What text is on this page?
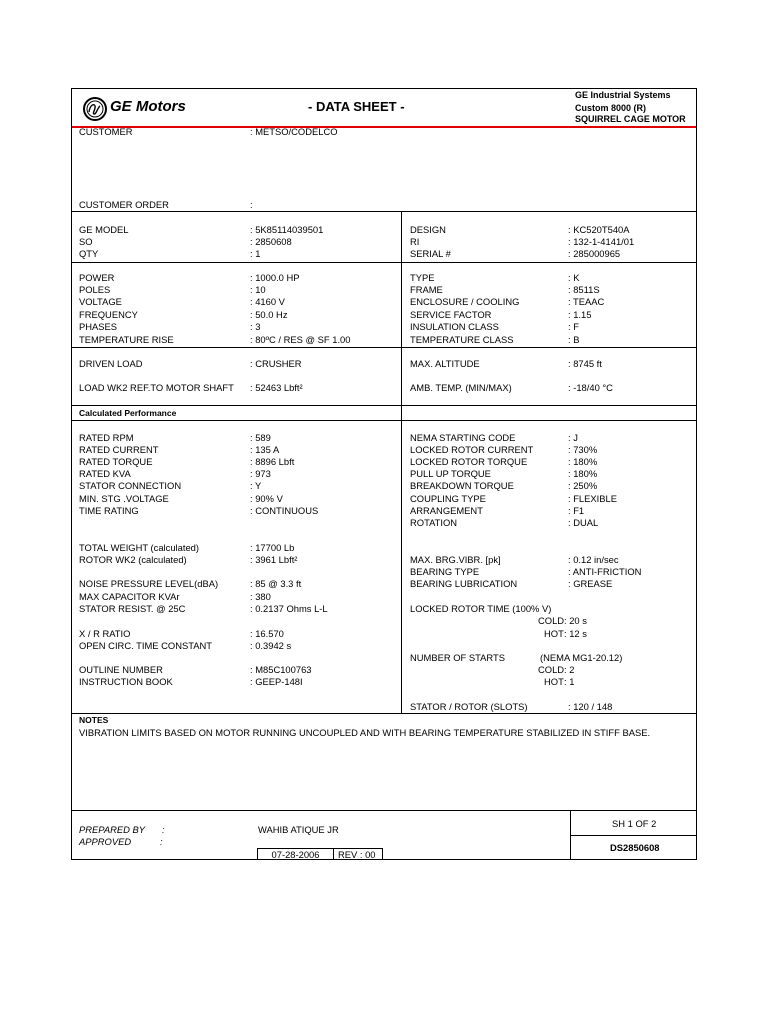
GE Motors	- DATA SHEET -
GE Industrial Systems
Custom 8000 (R)
SQUIRREL CAGE MOTOR
CUSTOMER	: METSO/CODELCO
CUSTOMER ORDER	:
GE MODEL	: 5K85114039501
SO	: 2850608
QTY	: 1
DESIGN	: KC520T540A
RI	: 132-1-4141/01
SERIAL #	: 285000965
POWER	: 1000.0 HP
POLES	: 10
VOLTAGE	: 4160 V
FREQUENCY	: 50.0 Hz
PHASES	: 3
TEMPERATURE RISE	: 80ºC / RES @ SF 1.00
TYPE	: K
FRAME	: 8511S
ENCLOSURE / COOLING	: TEAAC
SERVICE FACTOR	: 1.15
INSULATION CLASS	: F
TEMPERATURE CLASS	: B
DRIVEN LOAD	: CRUSHER
LOAD WK2 REF.TO MOTOR SHAFT : 52463 Lbft²
MAX. ALTITUDE	: 8745 ft
AMB. TEMP. (MIN/MAX)	: -18/40 °C
Calculated Performance
RATED RPM	: 589
RATED CURRENT	: 135 A
RATED TORQUE	: 8896 Lbft
RATED KVA	: 973
STATOR CONNECTION	: Y
MIN. STG .VOLTAGE	: 90% V
TIME RATING	: CONTINUOUS
TOTAL WEIGHT (calculated)	: 17700 Lb
ROTOR WK2 (calculated)	: 3961 Lbft²
NOISE PRESSURE LEVEL(dBA)	: 85 @ 3.3 ft
MAX CAPACITOR KVAr	: 380
STATOR RESIST. @ 25C	: 0.2137 Ohms L-L
X / R RATIO	: 16.570
OPEN CIRC. TIME CONSTANT	: 0.3942 s
OUTLINE NUMBER	: M85C100763
INSTRUCTION BOOK	: GEEP-148I
NEMA STARTING CODE	: J
LOCKED ROTOR CURRENT	: 730%
LOCKED ROTOR TORQUE	: 180%
PULL UP TORQUE	: 180%
BREAKDOWN TORQUE	: 250%
COUPLING TYPE	: FLEXIBLE
ARRANGEMENT	: F1
ROTATION	: DUAL
MAX. BRG.VIBR. [pk]	: 0.12 in/sec
BEARING TYPE	: ANTI-FRICTION
BEARING LUBRICATION	: GREASE
LOCKED ROTOR TIME (100% V)
COLD : 20 s
HOT : 12 s
NUMBER OF STARTS	(NEMA MG1-20.12)
COLD : 2
HOT : 1
STATOR / ROTOR (SLOTS)	: 120 / 148
NOTES
VIBRATION LIMITS BASED ON MOTOR RUNNING UNCOUPLED AND WITH BEARING TEMPERATURE STABILIZED IN STIFF BASE.
PREPARED BY :	WAHIB ATIQUE JR
APPROVED	:
07-28-2006	REV : 00
SH 1 OF 2
DS2850608
